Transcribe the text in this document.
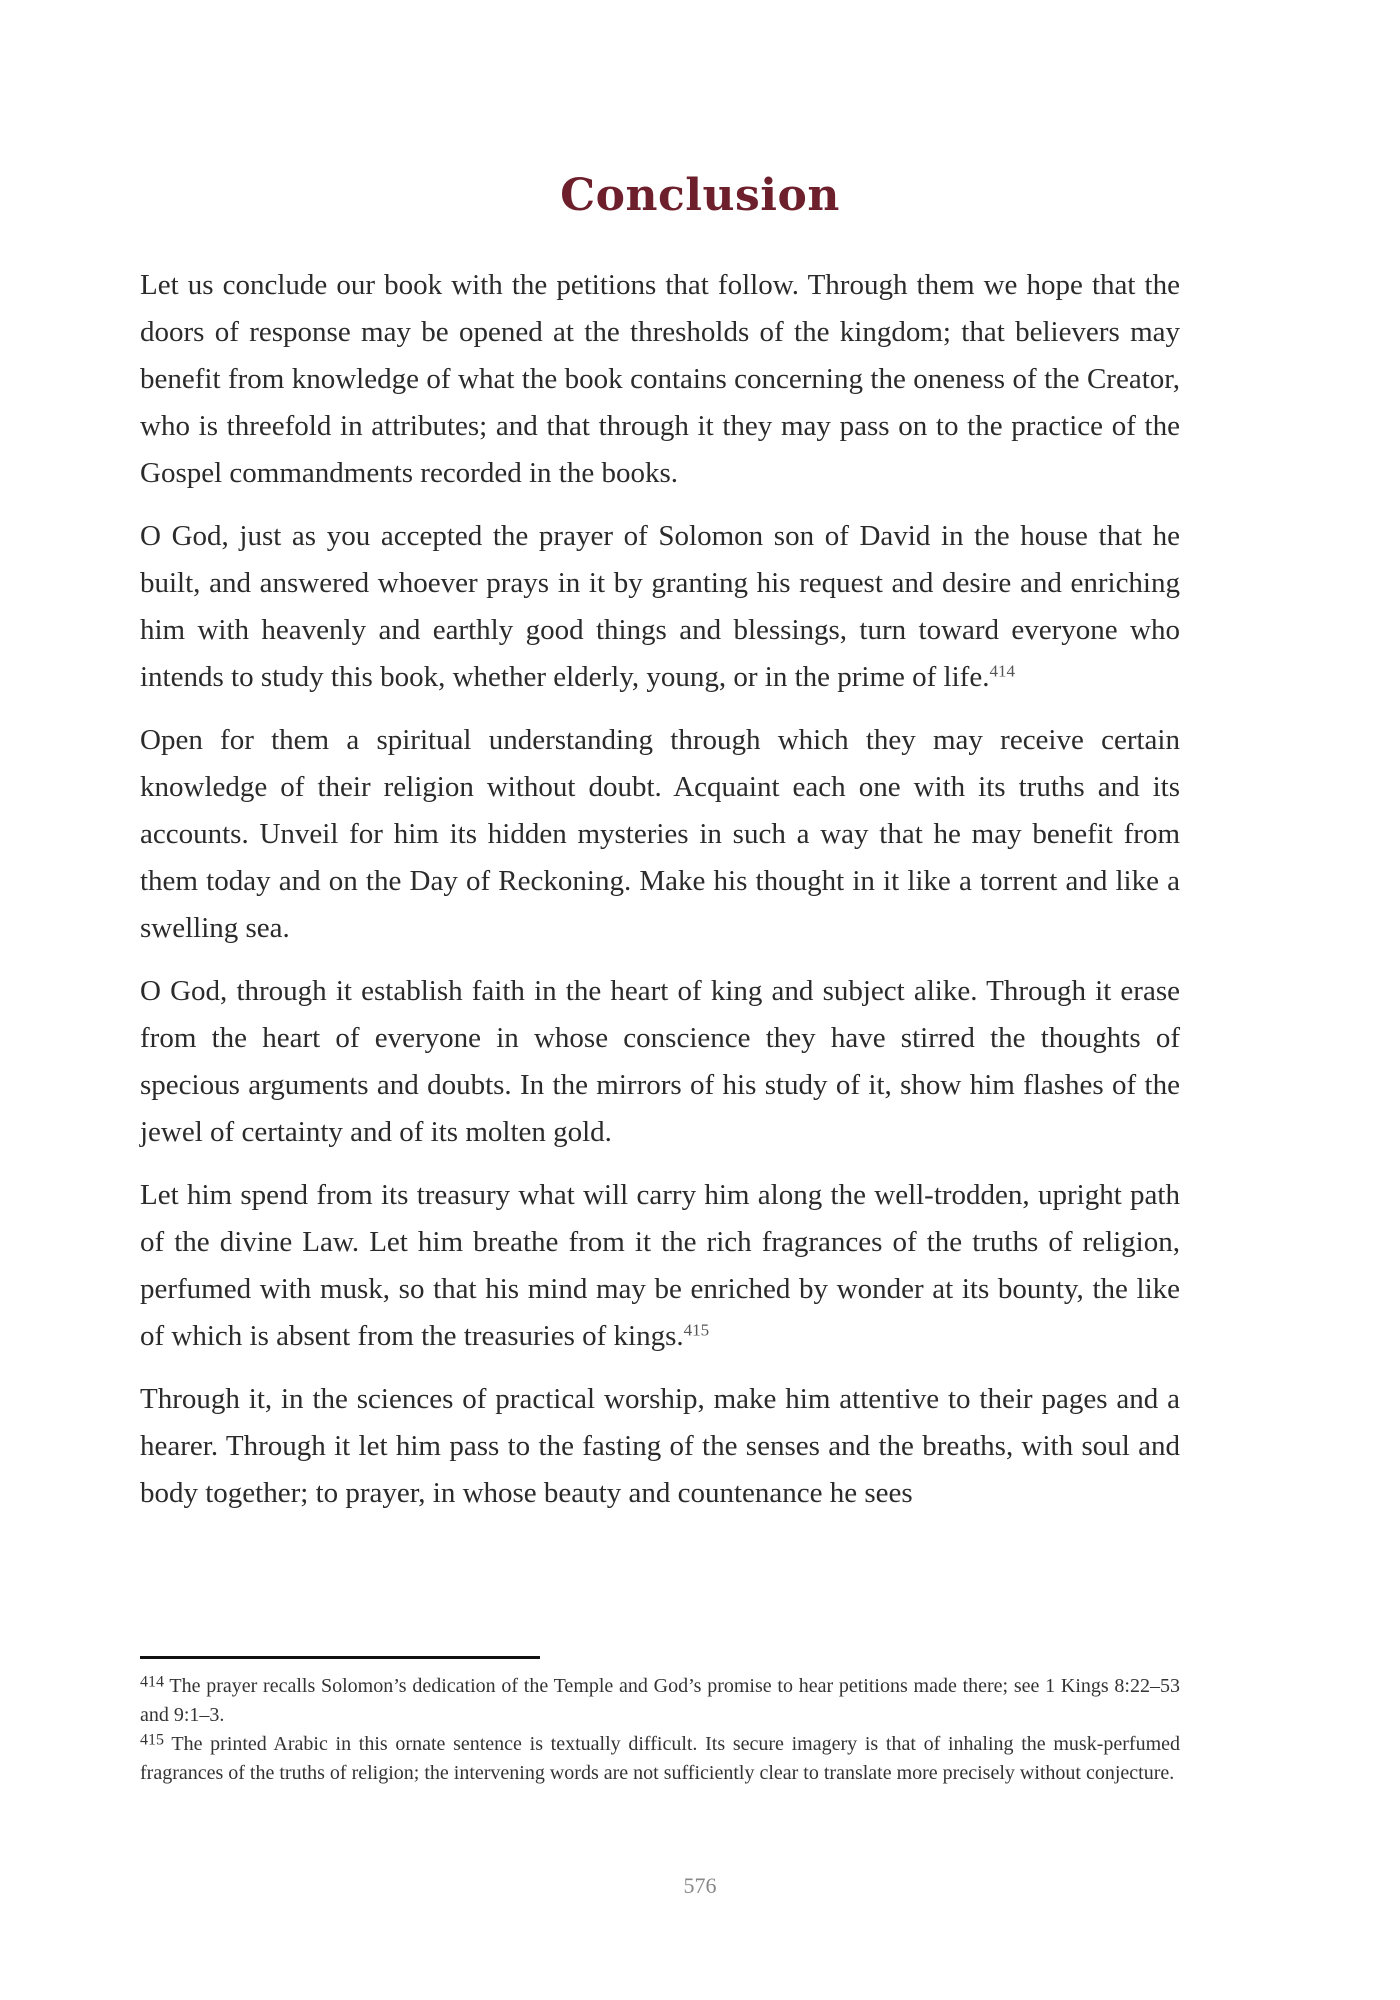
Conclusion

Let us conclude our book with the petitions that follow. Through them we hope that the doors of response may be opened at the thresholds of the kingdom; that believers may benefit from knowledge of what the book contains concerning the oneness of the Creator, who is threefold in attributes; and that through it they may pass on to the practice of the Gospel commandments recorded in the books.

O God, just as you accepted the prayer of Solomon son of David in the house that he built, and answered whoever prays in it by granting his request and desire and enriching him with heavenly and earthly good things and blessings, turn toward everyone who intends to study this book, whether elderly, young, or in the prime of life.$^{414}$

Open for them a spiritual understanding through which they may receive certain knowledge of their religion without doubt. Acquaint each one with its truths and its accounts. Unveil for him its hidden mysteries in such a way that he may benefit from them today and on the Day of Reckoning. Make his thought in it like a torrent and like a swelling sea.

O God, through it establish faith in the heart of king and subject alike. Through it erase from the heart of everyone in whose conscience they have stirred the thoughts of specious arguments and doubts. In the mirrors of his study of it, show him flashes of the jewel of certainty and of its molten gold.

Let him spend from its treasury what will carry him along the well-trodden, upright path of the divine Law. Let him breathe from it the rich fragrances of the truths of religion, perfumed with musk, so that his mind may be enriched by wonder at its bounty, the like of which is absent from the treasuries of kings.$^{415}$

Through it, in the sciences of practical worship, make him attentive to their pages and a hearer. Through it let him pass to the fasting of the senses and the breaths, with soul and body together; to prayer, in whose beauty and countenance he sees

$^{414}$ The prayer recalls Solomon’s dedication of the Temple and God’s promise to hear petitions made there; see 1 Kings 8:22–53 and 9:1–3.

$^{415}$ The printed Arabic in this ornate sentence is textually difficult. Its secure imagery is that of inhaling the musk-perfumed fragrances of the truths of religion; the intervening words are not sufficiently clear to translate more precisely without conjecture.

576
